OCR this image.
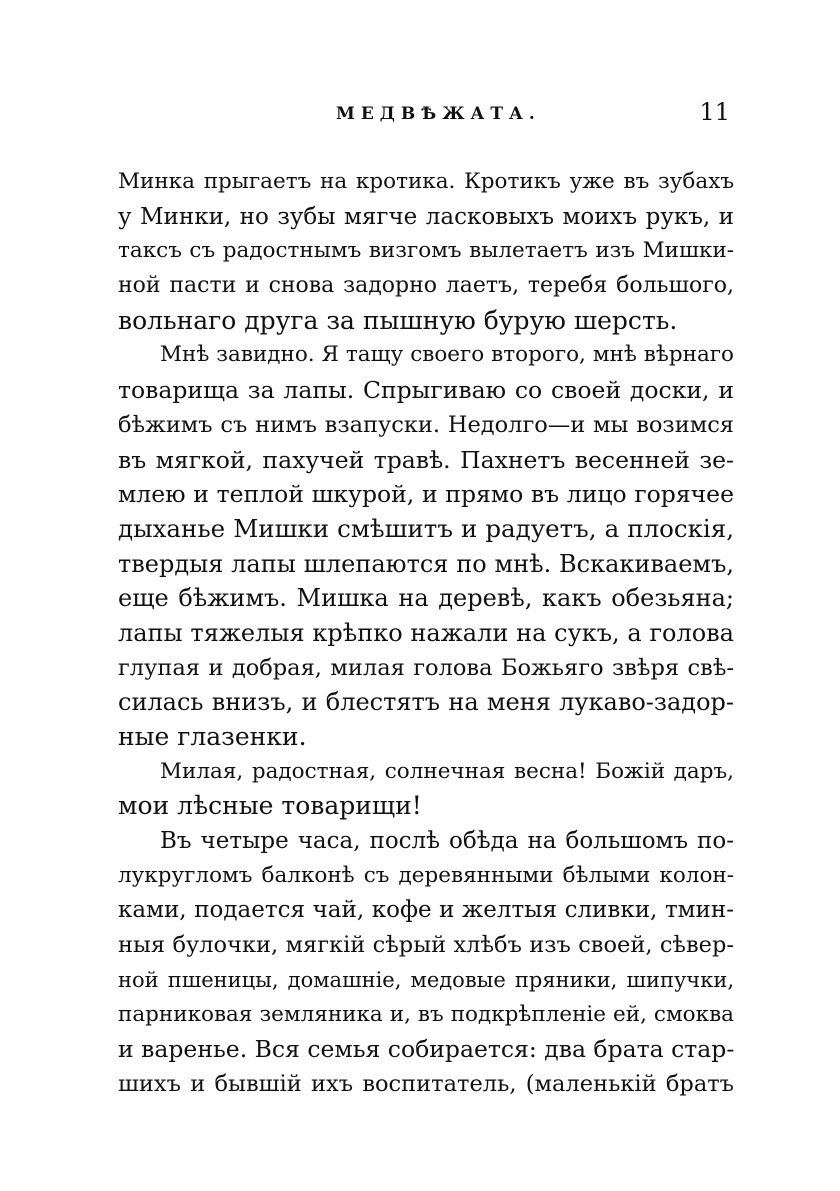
МЕДВѢЖАТА.	11
Минка прыгаетъ на кротика. Кротикъ уже въ зубахъ
у Минки, но зубы мягче ласковыхъ моихъ рукъ, и
таксъ съ радостнымъ визгомъ вылетаетъ изъ Мишки-
ной пасти и снова задорно лаетъ, теребя большого,
вольнаго друга за пышную бурую шерсть.
Мнѣ завидно. Я тащу своего второго, мнѣ вѣрнаго
товарища за лапы. Спрыгиваю со своей доски, и
бѣжимъ съ нимъ взапуски. Недолго—и мы возимся
въ мягкой, пахучей травѣ. Пахнетъ весенней зе-
млею и теплой шкурой, и прямо въ лицо горячее
дыханье Мишки смѣшитъ и радуетъ, а плоскія,
твердыя лапы шлепаются по мнѣ. Вскакиваемъ,
еще бѣжимъ. Мишка на деревѣ, какъ обезьяна;
лапы тяжелыя крѣпко нажали на сукъ, а голова
глупая и добрая, милая голова Божьяго звѣря свѣ-
силась внизъ, и блестятъ на меня лукаво-задор-
ные глазенки.
Милая, радостная, солнечная весна! Божій даръ,
мои лѣсные товарищи!
Въ четыре часа, послѣ обѣда на большомъ по-
лукругломъ балконѣ съ деревянными бѣлыми колон-
ками, подается чай, кофе и желтыя сливки, тмин-
ныя булочки, мягкій сѣрый хлѣбъ изъ своей, сѣвер-
ной пшеницы, домашніе, медовые пряники, шипучки,
парниковая земляника и, въ подкрѣпленіе ей, смоква
и варенье. Вся семья собирается: два брата стар-
шихъ и бывшій ихъ воспитатель, (маленькій братъ
